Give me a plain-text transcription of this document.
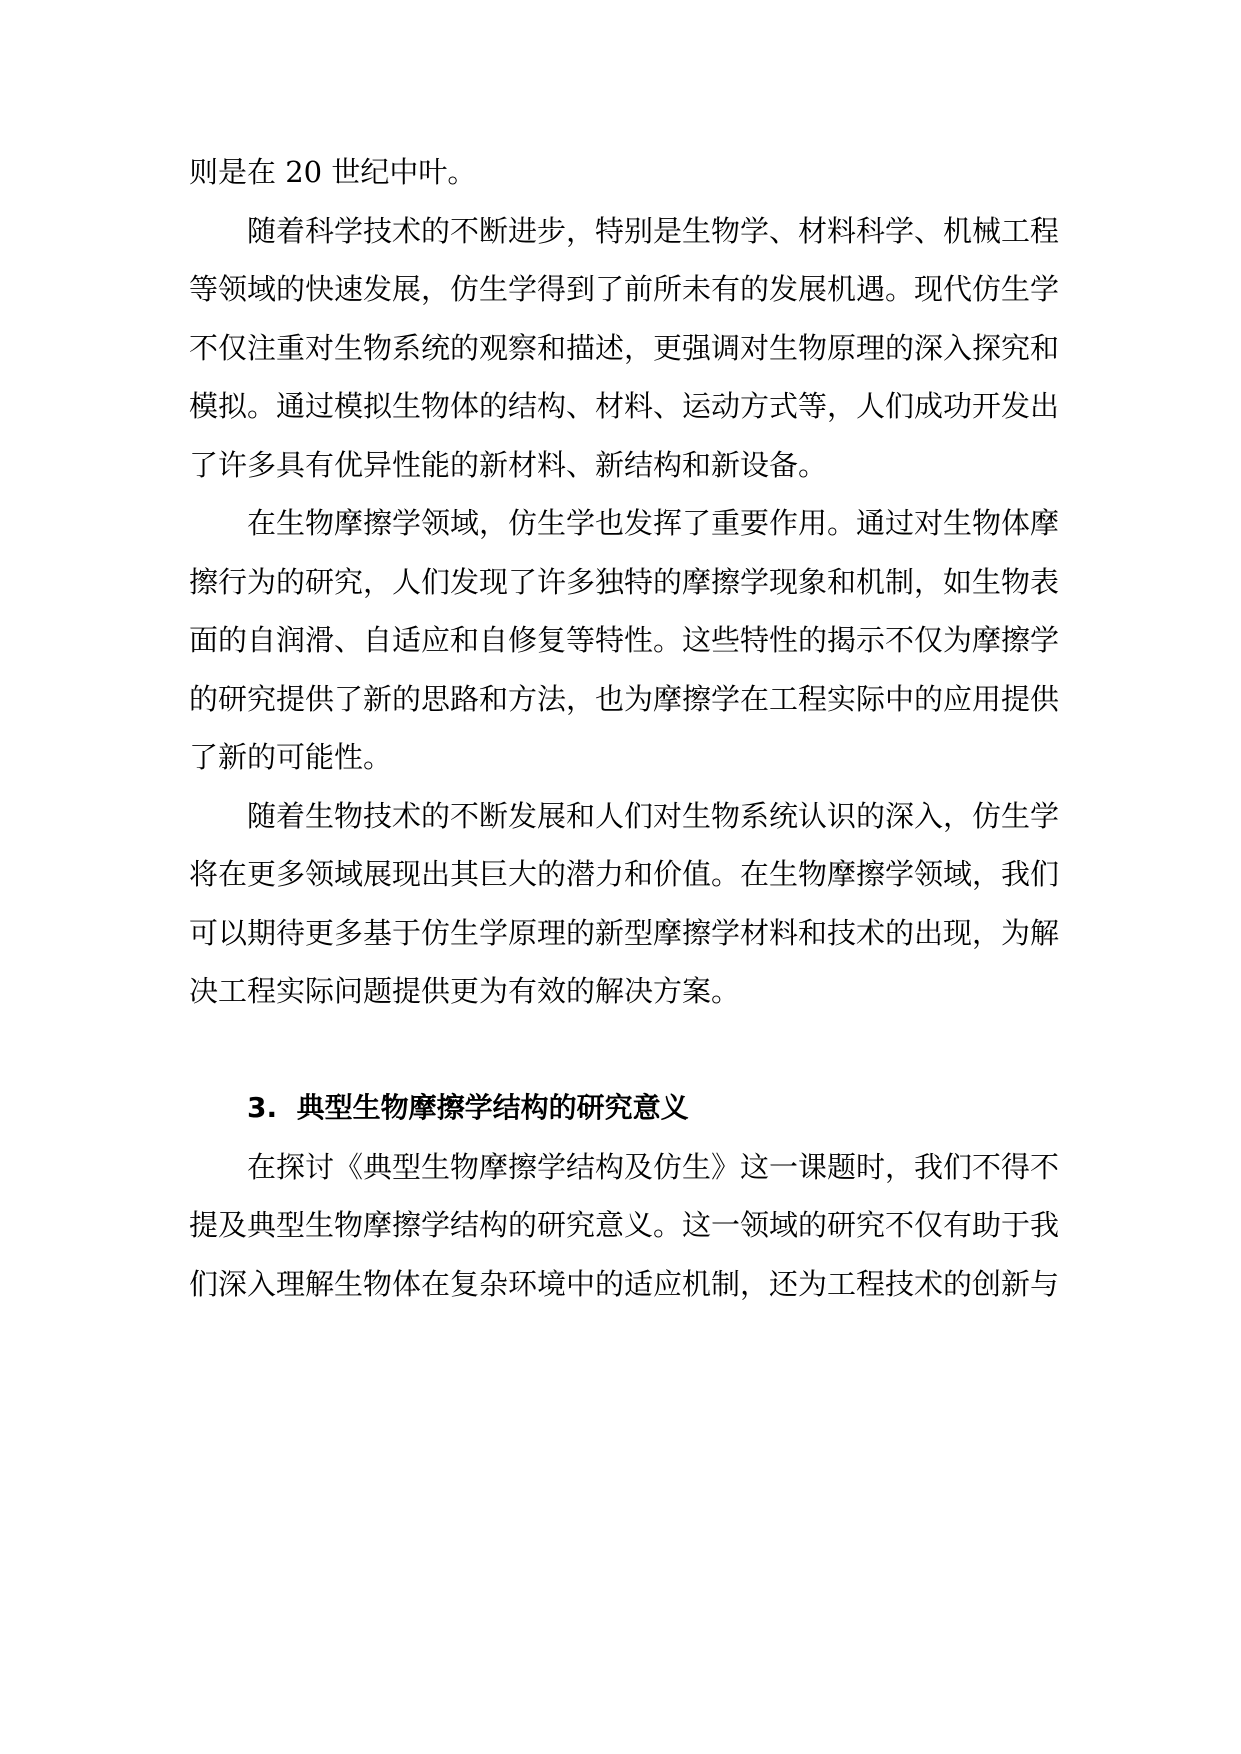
则是在 20 世纪中叶。
随着科学技术的不断进步，特别是生物学、材料科学、机械工程
等领域的快速发展，仿生学得到了前所未有的发展机遇。现代仿生学
不仅注重对生物系统的观察和描述，更强调对生物原理的深入探究和
模拟。通过模拟生物体的结构、材料、运动方式等，人们成功开发出
了许多具有优异性能的新材料、新结构和新设备。
在生物摩擦学领域，仿生学也发挥了重要作用。通过对生物体摩
擦行为的研究，人们发现了许多独特的摩擦学现象和机制，如生物表
面的自润滑、自适应和自修复等特性。这些特性的揭示不仅为摩擦学
的研究提供了新的思路和方法，也为摩擦学在工程实际中的应用提供
了新的可能性。
随着生物技术的不断发展和人们对生物系统认识的深入，仿生学
将在更多领域展现出其巨大的潜力和价值。在生物摩擦学领域，我们
可以期待更多基于仿生学原理的新型摩擦学材料和技术的出现，为解
决工程实际问题提供更为有效的解决方案。
3. 典型生物摩擦学结构的研究意义
在探讨《典型生物摩擦学结构及仿生》这一课题时，我们不得不
提及典型生物摩擦学结构的研究意义。这一领域的研究不仅有助于我
们深入理解生物体在复杂环境中的适应机制，还为工程技术的创新与
